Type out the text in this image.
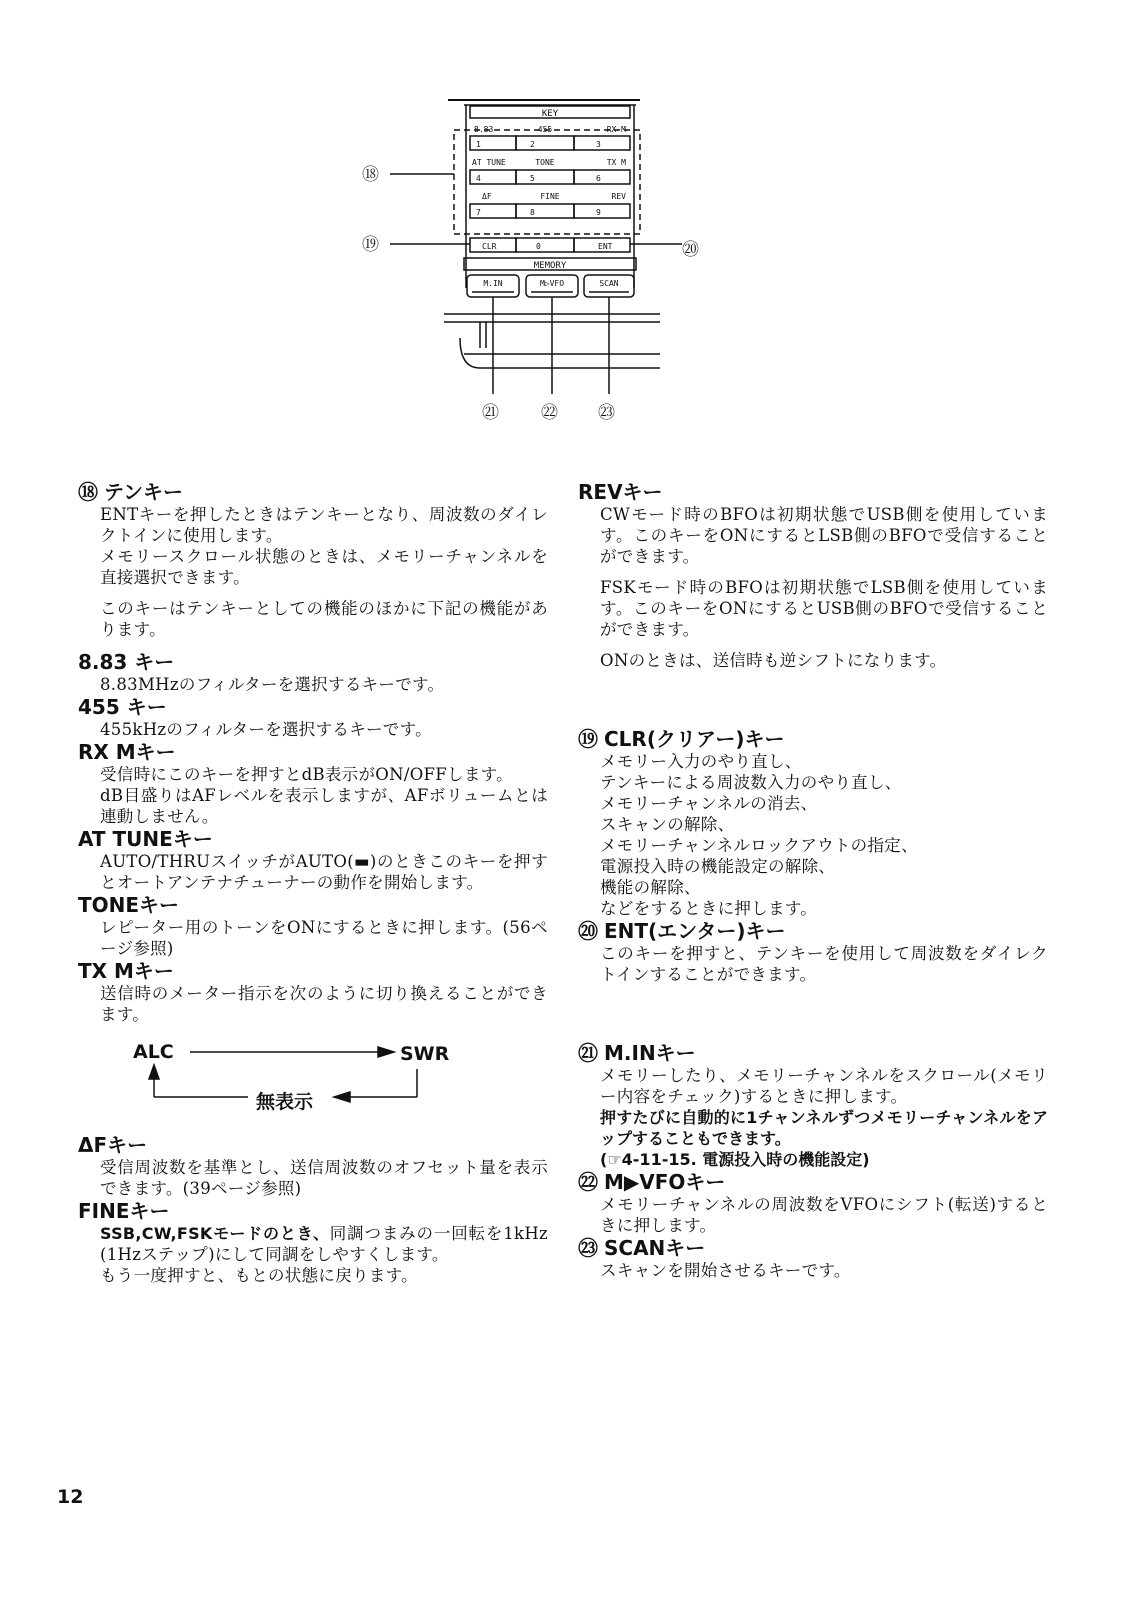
KEY
8.83	455	RX M
AT TUNE	TONE	TX M
ΔF	FINE	REV
1	2	3
4	5	6
7	8	9
CLR	0	ENT
MEMORY
M.IN	M▷VFO	SCAN
⑱
⑲	⑳
㉑ ㉒ ㉓
⑱ テンキー

ENTキーを押したときはテンキーとなり、周波数のダイレクトインに使用します。

メモリースクロール状態のときは、メモリーチャンネルを直接選択できます。

このキーはテンキーとしての機能のほかに下記の機能があります。

8.83 キー

8.83MHzのフィルターを選択するキーです。

455 キー

455kHzのフィルターを選択するキーです。

RX Mキー

受信時にこのキーを押すとdB表示がON/OFFします。

dB目盛りはAFレベルを表示しますが、AFボリュームとは連動しません。

AT TUNEキー

AUTO/THRUスイッチがAUTO(▬)のときこのキーを押すとオートアンテナチューナーの動作を開始します。

TONEキー

レピーター用のトーンをONにするときに押します。(56ページ参照)

TX Mキー

送信時のメーター指示を次のように切り換えることができます。

ALC	SWR
無表示
ΔFキー

受信周波数を基準とし、送信周波数のオフセット量を表示できます。(39ページ参照)

FINEキー

SSB,CW,FSKモードのとき、同調つまみの一回転を1kHz (1Hzステップ)にして同調をしやすくします。

もう一度押すと、もとの状態に戻ります。

REVキー

CWモード時のBFOは初期状態でUSB側を使用しています。このキーをONにするとLSB側のBFOで受信することができます。

FSKモード時のBFOは初期状態でLSB側を使用しています。このキーをONにするとUSB側のBFOで受信することができます。

ONのときは、送信時も逆シフトになります。

⑲ CLR(クリアー)キー

メモリー入力のやり直し、

テンキーによる周波数入力のやり直し、

メモリーチャンネルの消去、

スキャンの解除、

メモリーチャンネルロックアウトの指定、

電源投入時の機能設定の解除、

機能の解除、

などをするときに押します。

⑳ ENT(エンター)キー

このキーを押すと、テンキーを使用して周波数をダイレクトインすることができます。

㉑ M.INキー

メモリーしたり、メモリーチャンネルをスクロール(メモリー内容をチェック)するときに押します。

押すたびに自動的に1チャンネルずつメモリーチャンネルをアップすることもできます。

(☞4-11-15. 電源投入時の機能設定)

㉒ M▶VFOキー

メモリーチャンネルの周波数をVFOにシフト(転送)するときに押します。

㉓ SCANキー

スキャンを開始させるキーです。

12
